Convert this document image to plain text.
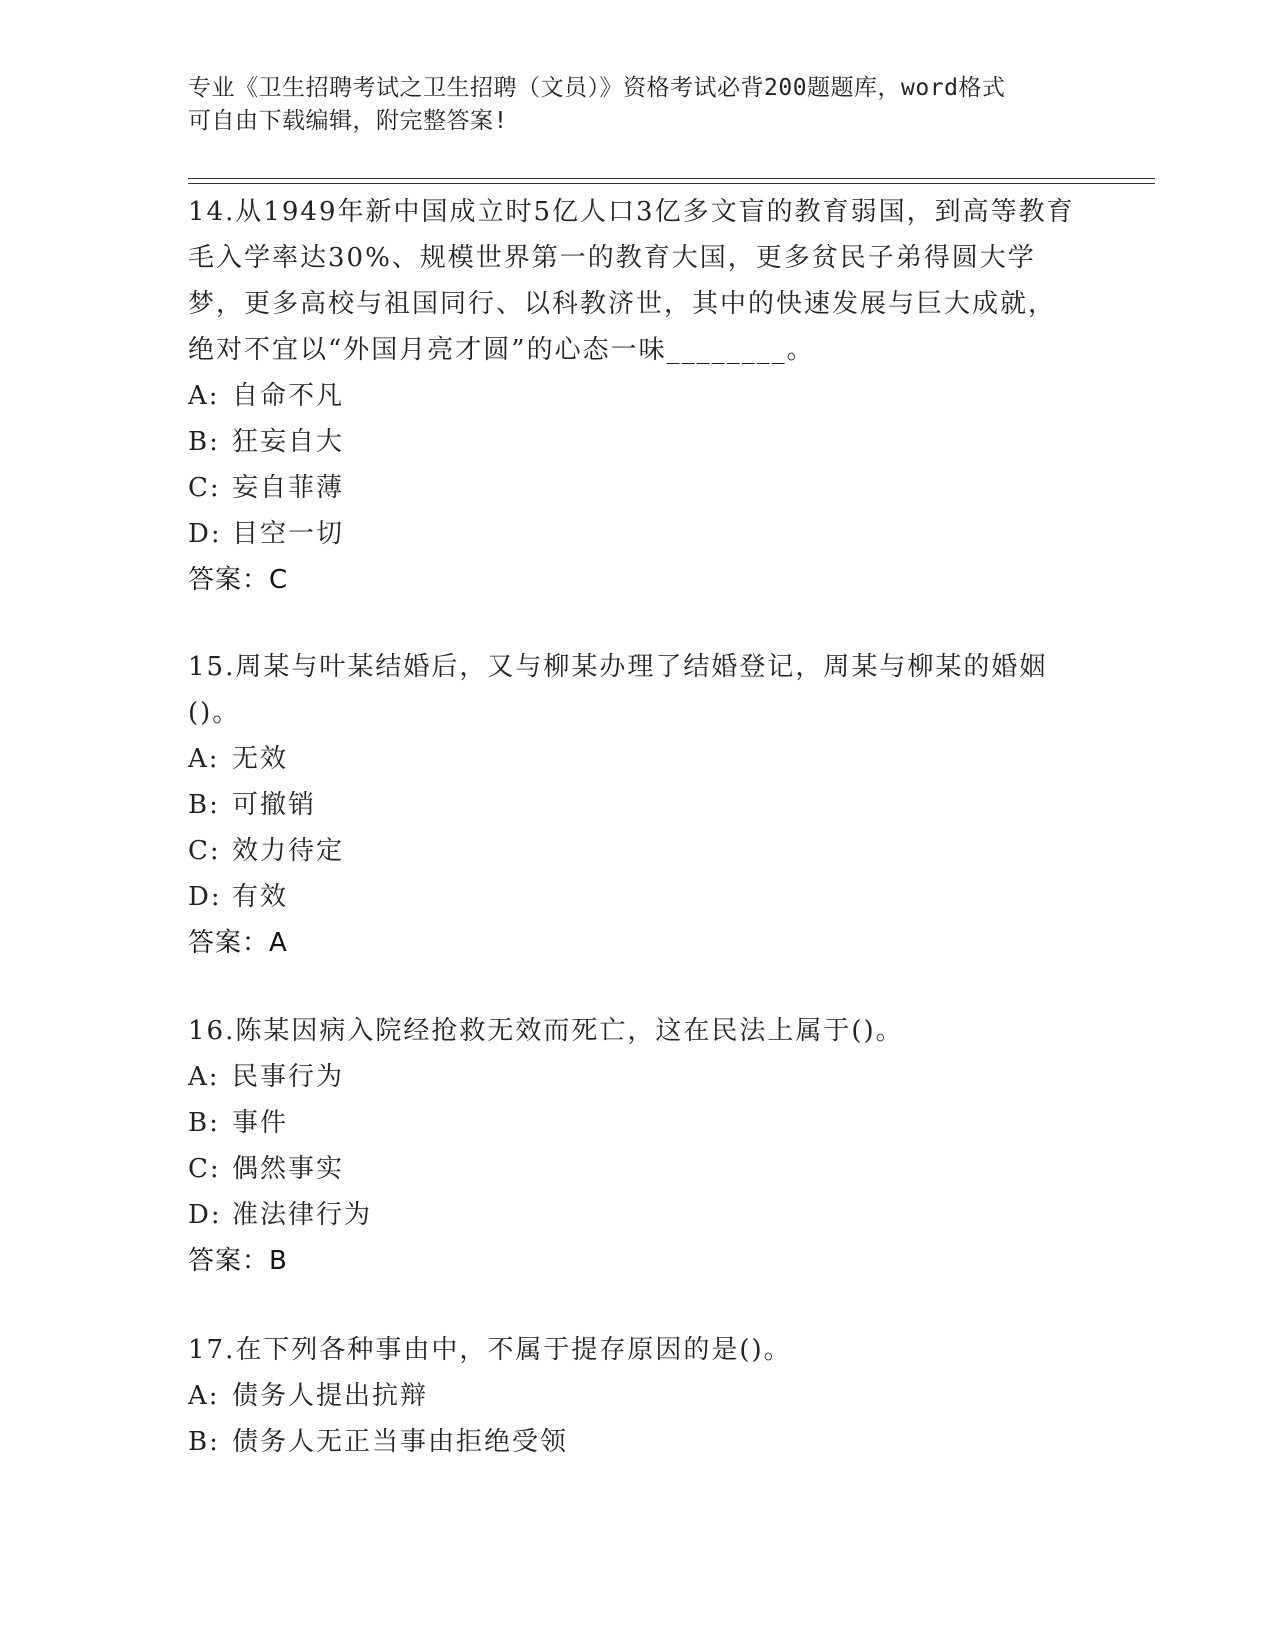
专业《卫生招聘考试之卫生招聘（文员）》资格考试必背200题题库，word格式
可自由下载编辑，附完整答案!

14.从1949年新中国成立时5亿人口3亿多文盲的教育弱国，到高等教育毛入学率达30%、规模世界第一的教育大国，更多贫民子弟得圆大学梦，更多高校与祖国同行、以科教济世，其中的快速发展与巨大成就，绝对不宜以“外国月亮才圆”的心态一味________。

A: 自命不凡

B: 狂妄自大

C: 妄自菲薄

D: 目空一切

答案：C

15.周某与叶某结婚后，又与柳某办理了结婚登记，周某与柳某的婚姻()。

A: 无效

B: 可撤销

C: 效力待定

D: 有效

答案：A

16.陈某因病入院经抢救无效而死亡，这在民法上属于()。

A: 民事行为

B: 事件

C: 偶然事实

D: 准法律行为

答案：B

17.在下列各种事由中，不属于提存原因的是()。

A: 债务人提出抗辩

B: 债务人无正当事由拒绝受领
